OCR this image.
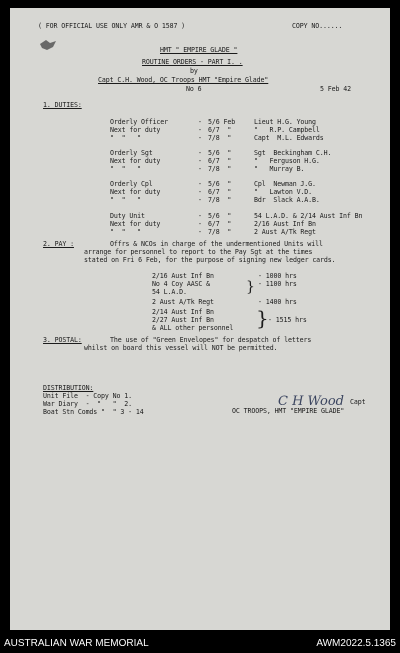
( FOR OFFICIAL USE ONLY AMR & O 1587 )	COPY NO......
HMT " EMPIRE GLADE "
ROUTINE ORDERS - PART I. .
by
Capt C.H. Wood, OC Troops HMT "Empire Glade"
No 6	5 Feb 42
1. DUTIES:
Orderly Officer	- 5/6 Feb	Lieut H.G. Young
Next for duty	- 6/7  "	"   R.P. Campbell
"  "   "	- 7/8  "	Capt  M.L. Edwards
Orderly Sgt	- 5/6  "	Sgt  Beckingham C.H.
Next for duty	- 6/7  "	"   Ferguson H.G.
"  "   "	- 7/8  "	"   Murray B.
Orderly Cpl	- 5/6  "	Cpl  Newman J.G.
Next for duty	- 6/7  "	"   Lawton V.D.
"  "   "	- 7/8  "	Bdr  Slack A.A.B.
Duty Unit	- 5/6  "	54 L.A.D. & 2/14 Aust Inf Bn
Next for duty	- 6/7  "	2/16 Aust Inf Bn
"  "   "	- 7/8  "	2 Aust A/Tk Regt
2. PAY :	Offrs & NCOs in charge of the undermentioned Units will
arrange for personnel to report to the Pay Sgt at the times
stated on Fri 6 Feb, for the purpose of signing new ledger cards.
2/16 Aust Inf Bn	- 1000 hrs
No 4 Coy AASC &	- 1100 hrs
54 L.A.D.
2 Aust A/Tk Regt	- 1400 hrs
2/14 Aust Inf Bn
2/27 Aust Inf Bn	- 1515 hrs
& ALL other personnel
}
}
3. POSTAL:	The use of "Green Envelopes" for despatch of letters
whilst on board this vessel will NOT be permitted.
DISTRIBUTION:
Unit File  - Copy No 1.
War Diary  -  "   "  2.
Boat Stn Comds "  " 3 - 14
C H Wood Capt
OC TROOPS, HMT "EMPIRE GLADE"
AUSTRALIAN WAR MEMORIAL	AWM2022.5.1365
